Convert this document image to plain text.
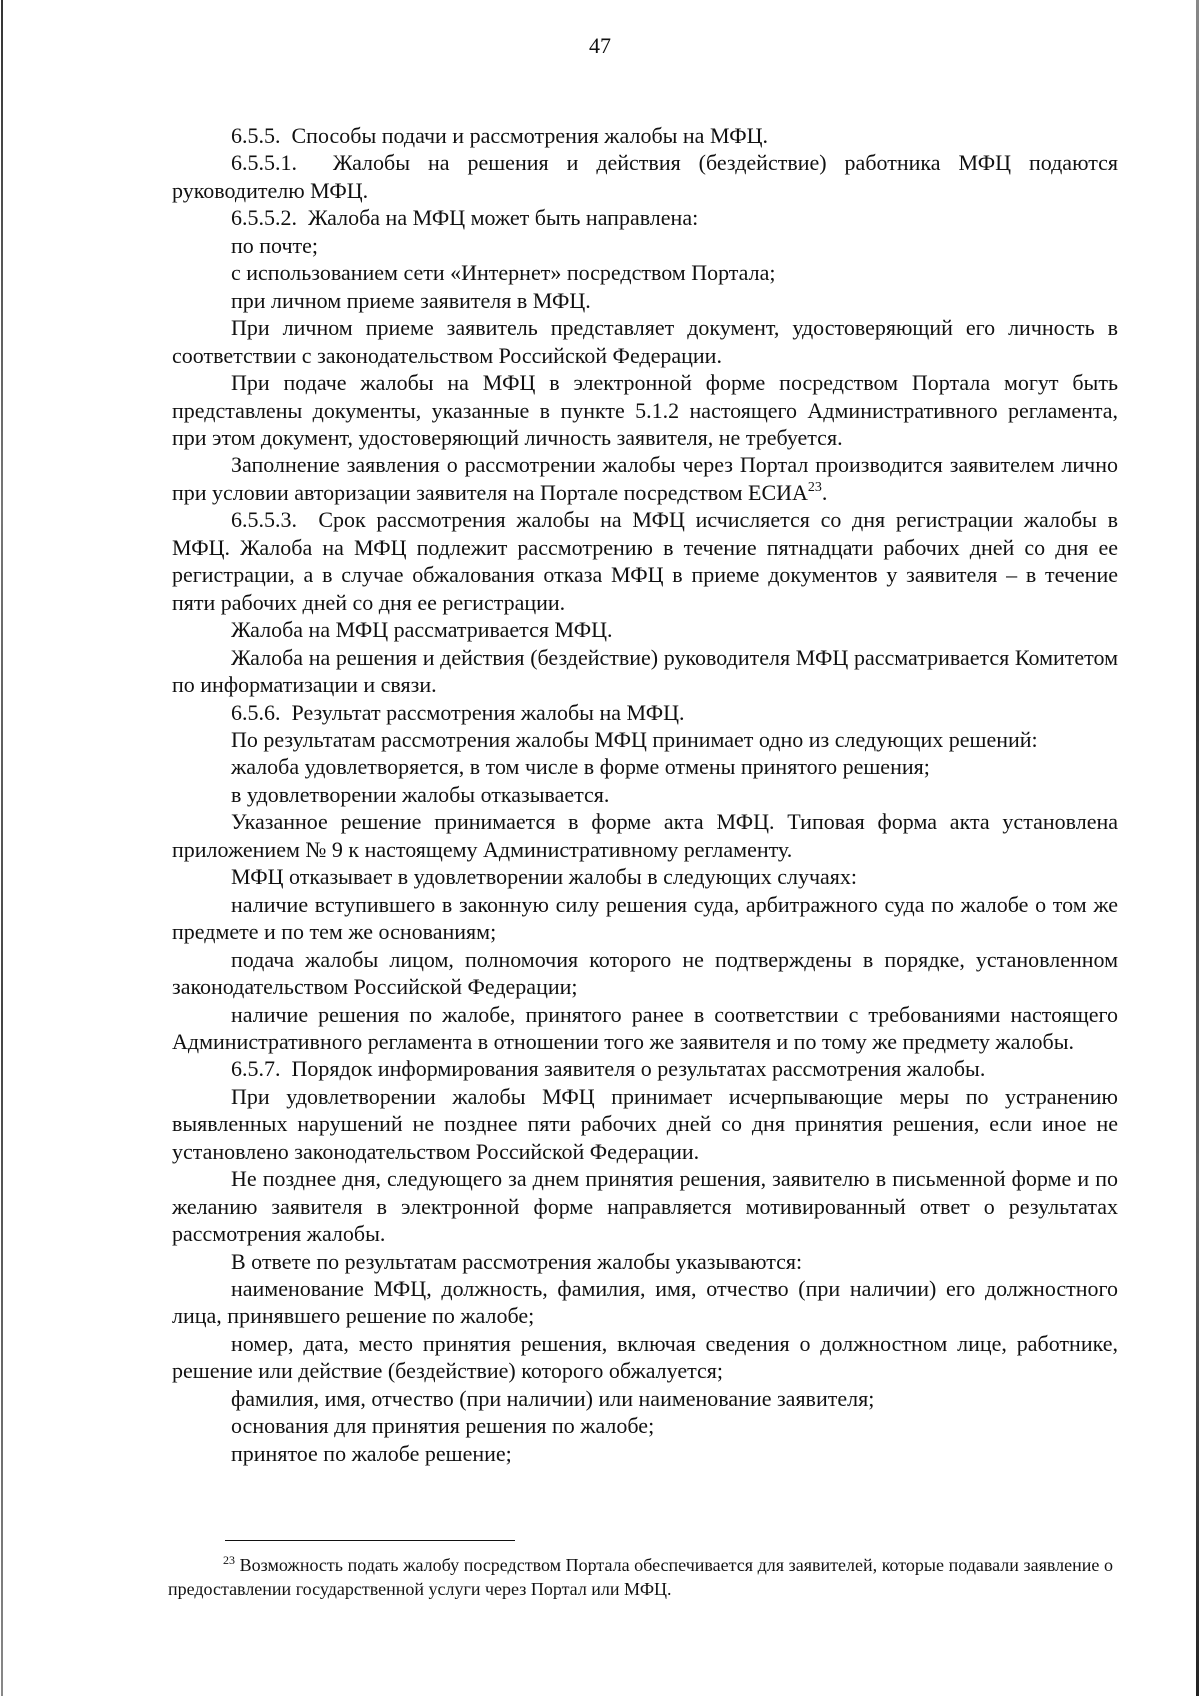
47

6.5.5.  Способы подачи и рассмотрения жалобы на МФЦ.

6.5.5.1.  Жалобы на решения и действия (бездействие) работника МФЦ подаются руководителю МФЦ.

6.5.5.2.  Жалоба на МФЦ может быть направлена:

по почте;

с использованием сети «Интернет» посредством Портала;

при личном приеме заявителя в МФЦ.

При личном приеме заявитель представляет документ, удостоверяющий его личность в соответствии с законодательством Российской Федерации.

При подаче жалобы на МФЦ в электронной форме посредством Портала могут быть представлены документы, указанные в пункте 5.1.2 настоящего Административного регламента, при этом документ, удостоверяющий личность заявителя, не требуется.

Заполнение заявления о рассмотрении жалобы через Портал производится заявителем лично при условии авторизации заявителя на Портале посредством ЕСИА$^{23}$.

6.5.5.3.  Срок рассмотрения жалобы на МФЦ исчисляется со дня регистрации жалобы в МФЦ. Жалоба на МФЦ подлежит рассмотрению в течение пятнадцати рабочих дней со дня ее регистрации, а в случае обжалования отказа МФЦ в приеме документов у заявителя – в течение пяти рабочих дней со дня ее регистрации.

Жалоба на МФЦ рассматривается МФЦ.

Жалоба на решения и действия (бездействие) руководителя МФЦ рассматривается Комитетом по информатизации и связи.

6.5.6.  Результат рассмотрения жалобы на МФЦ.

По результатам рассмотрения жалобы МФЦ принимает одно из следующих решений:

жалоба удовлетворяется, в том числе в форме отмены принятого решения;

в удовлетворении жалобы отказывается.

Указанное решение принимается в форме акта МФЦ. Типовая форма акта установлена приложением № 9 к настоящему Административному регламенту.

МФЦ отказывает в удовлетворении жалобы в следующих случаях:

наличие вступившего в законную силу решения суда, арбитражного суда по жалобе о том же предмете и по тем же основаниям;

подача жалобы лицом, полномочия которого не подтверждены в порядке, установленном законодательством Российской Федерации;

наличие решения по жалобе, принятого ранее в соответствии с требованиями настоящего Административного регламента в отношении того же заявителя и по тому же предмету жалобы.

6.5.7.  Порядок информирования заявителя о результатах рассмотрения жалобы.

При удовлетворении жалобы МФЦ принимает исчерпывающие меры по устранению выявленных нарушений не позднее пяти рабочих дней со дня принятия решения, если иное не установлено законодательством Российской Федерации.

Не позднее дня, следующего за днем принятия решения, заявителю в письменной форме и по желанию заявителя в электронной форме направляется мотивированный ответ о результатах рассмотрения жалобы.

В ответе по результатам рассмотрения жалобы указываются:

наименование МФЦ, должность, фамилия, имя, отчество (при наличии) его должностного лица, принявшего решение по жалобе;

номер, дата, место принятия решения, включая сведения о должностном лице, работнике, решение или действие (бездействие) которого обжалуется;

фамилия, имя, отчество (при наличии) или наименование заявителя;

основания для принятия решения по жалобе;

принятое по жалобе решение;

$^{23}$ Возможность подать жалобу посредством Портала обеспечивается для заявителей, которые подавали заявление о предоставлении государственной услуги через Портал или МФЦ.
